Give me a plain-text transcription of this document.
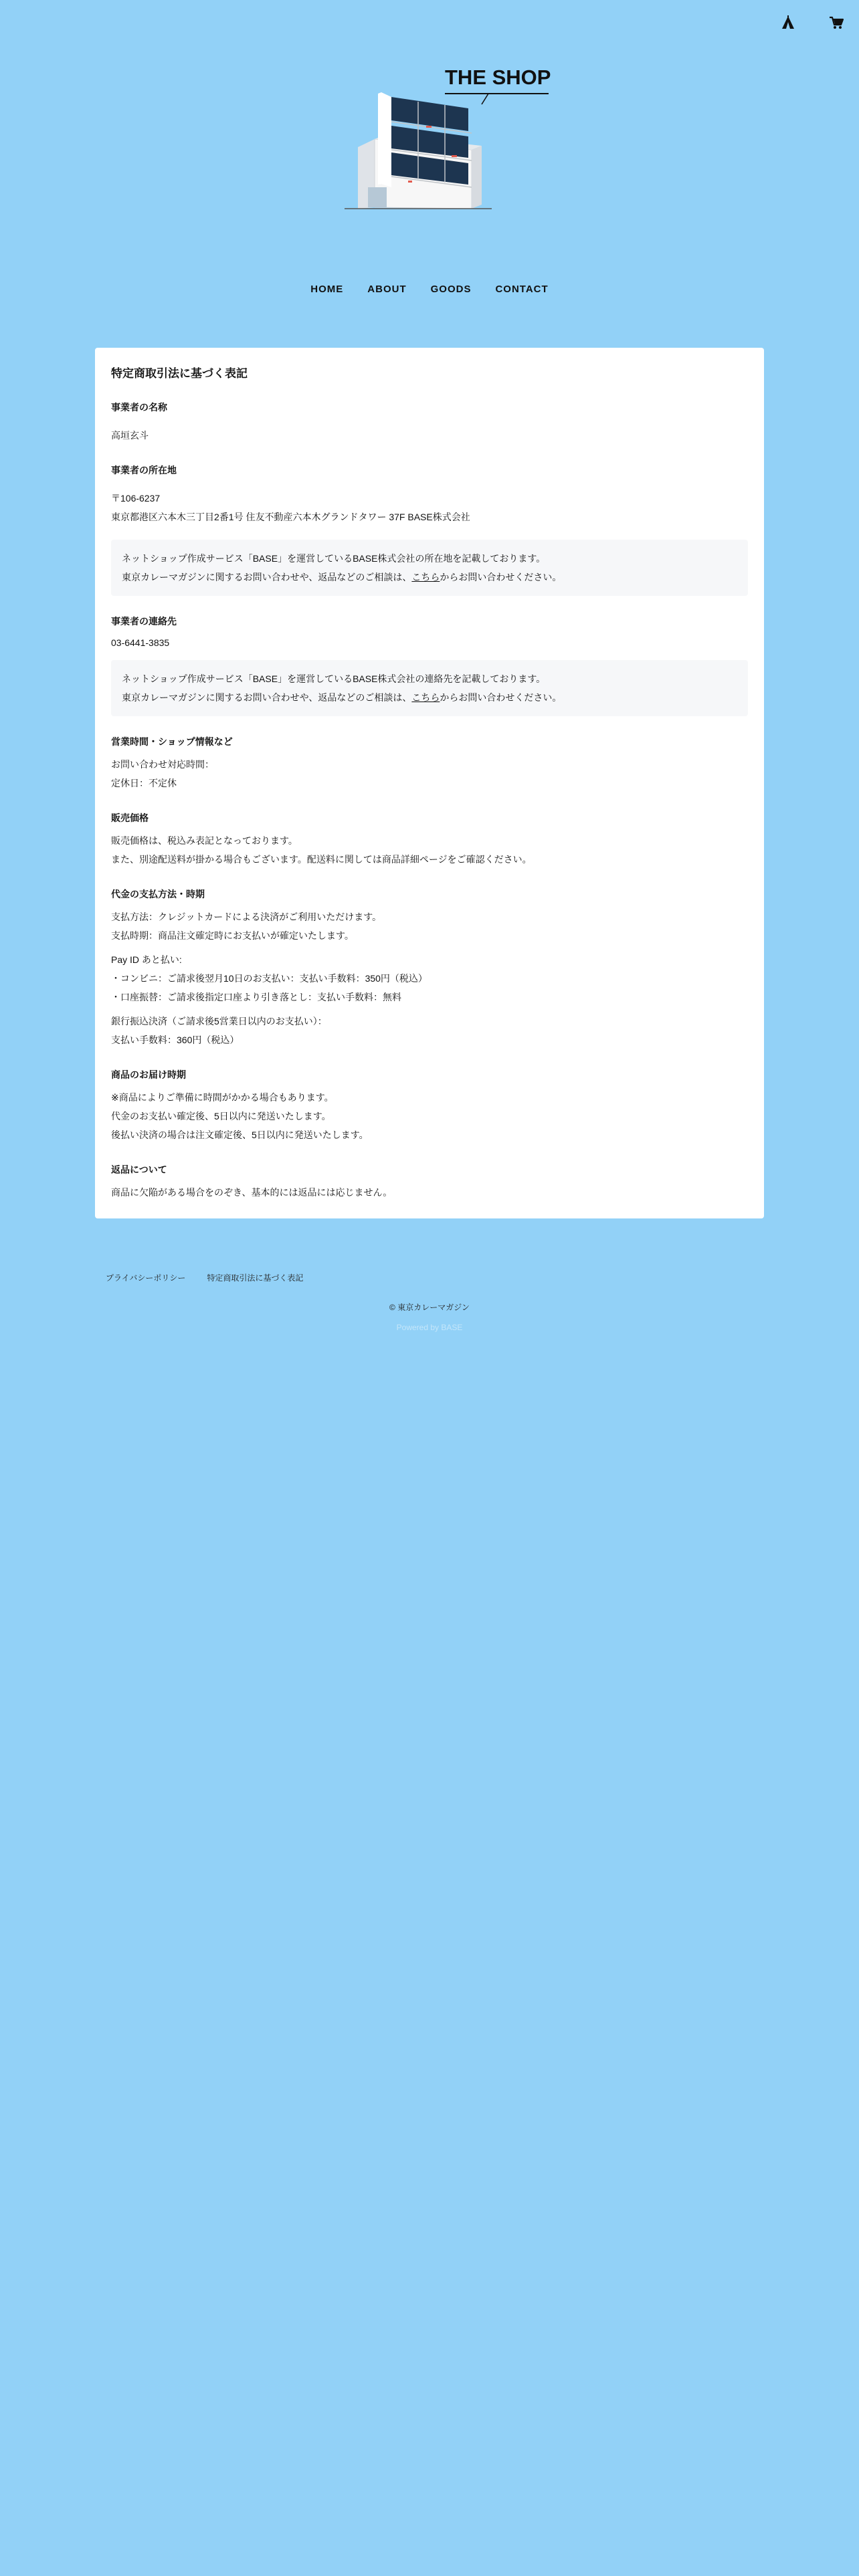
THE SHOP
HOME ABOUT GOODS CONTACT
特定商取引法に基づく表記
事業者の名称

高垣玄斗

事業者の所在地

〒106-6237

東京都港区六本木三丁目2番1号 住友不動産六本木グランドタワー 37F BASE株式会社

ネットショップ作成サービス「BASE」を運営しているBASE株式会社の所在地を記載しております。
東京カレーマガジンに関するお問い合わせや、返品などのご相談は、こちらからお問い合わせください。
事業者の連絡先

03-6441-3835

ネットショップ作成サービス「BASE」を運営しているBASE株式会社の連絡先を記載しております。
東京カレーマガジンに関するお問い合わせや、返品などのご相談は、こちらからお問い合わせください。
営業時間・ショップ情報など

お問い合わせ対応時間：

定休日：不定休

販売価格

販売価格は、税込み表記となっております。

また、別途配送料が掛かる場合もございます。配送料に関しては商品詳細ページをご確認ください。

代金の支払方法・時期

支払方法：クレジットカードによる決済がご利用いただけます。

支払時期：商品注文確定時にお支払いが確定いたします。

Pay ID あと払い:

・コンビニ：ご請求後翌月10日のお支払い：支払い手数料：350円（税込）

・口座振替：ご請求後指定口座より引き落とし：支払い手数料：無料

銀行振込決済（ご請求後5営業日以内のお支払い）：

支払い手数料：360円（税込）

商品のお届け時期

※商品によりご準備に時間がかかる場合もあります。

代金のお支払い確定後、5日以内に発送いたします。

後払い決済の場合は注文確定後、5日以内に発送いたします。

返品について

商品に欠陥がある場合をのぞき、基本的には返品には応じません。

プライバシーポリシー	特定商取引法に基づく表記
© 東京カレーマガジン
Powered by BASE
